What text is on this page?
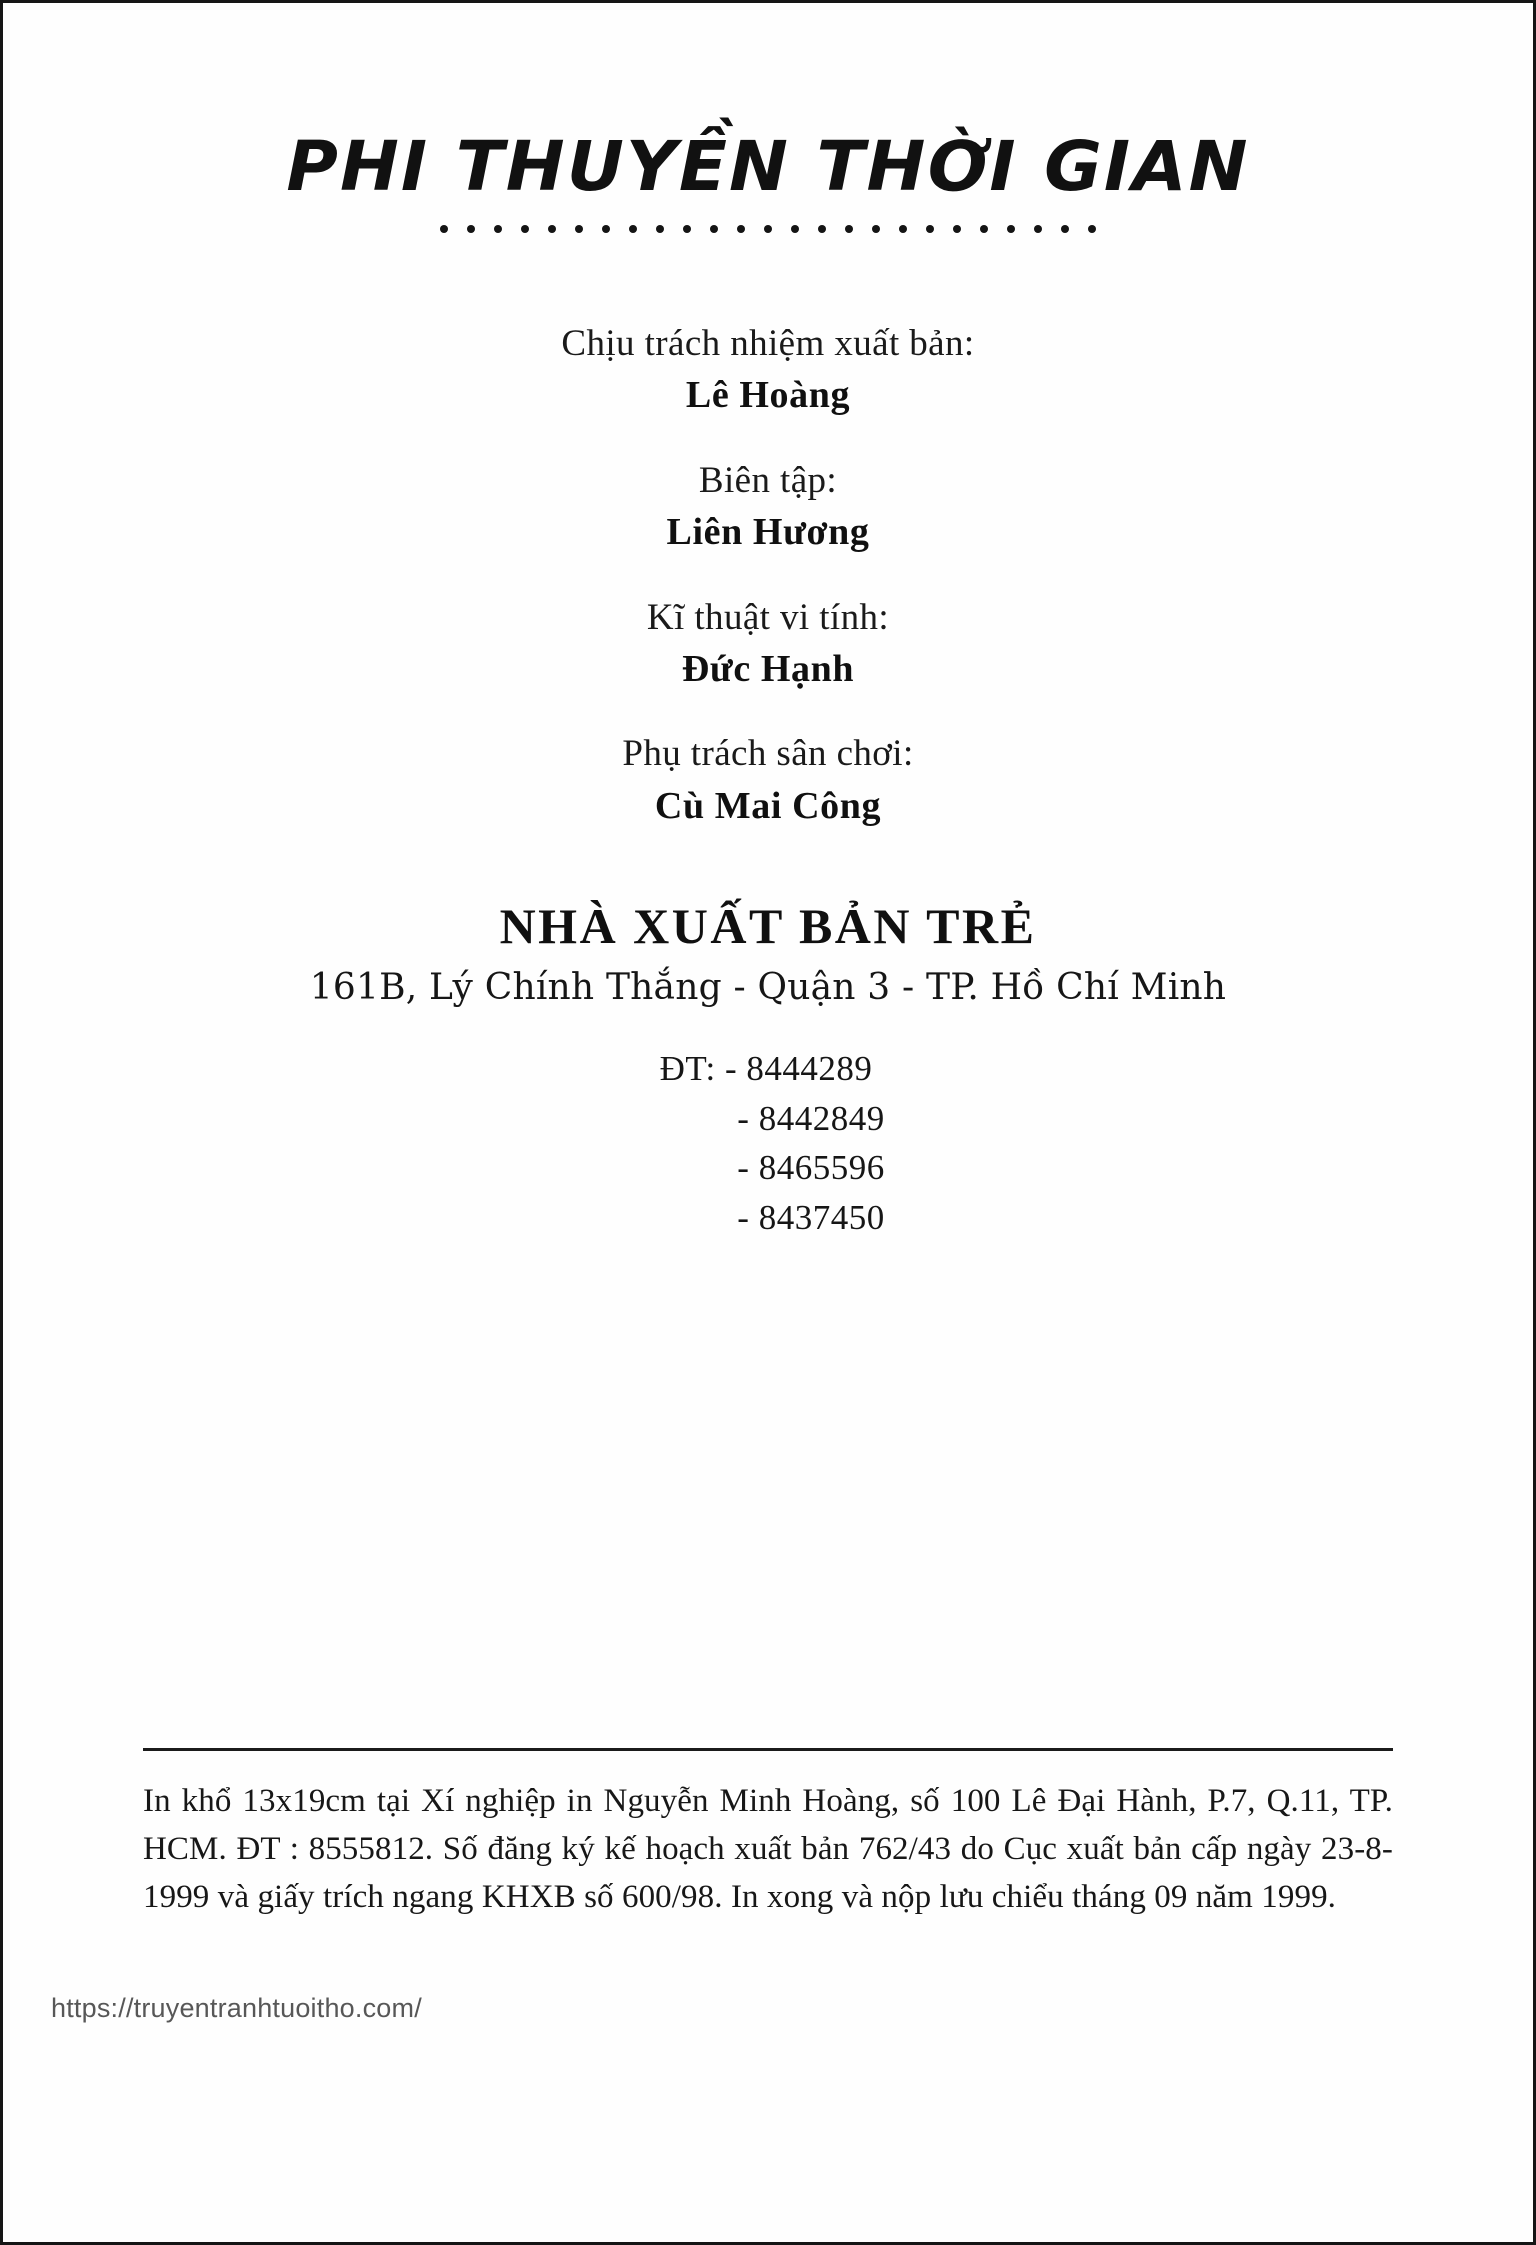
PHI THUYỀN THỜI GIAN
Chịu trách nhiệm xuất bản:
Lê Hoàng
Biên tập:
Liên Hương
Kĩ thuật vi tính:
Đức Hạnh
Phụ trách sân chơi:
Cù Mai Công
NHÀ XUẤT BẢN TRẺ
161B, Lý Chính Thắng - Quận 3 - TP. Hồ Chí Minh
ĐT: - 8444289
- 8442849
- 8465596
- 8437450

In khổ 13x19cm tại Xí nghiệp in Nguyễn Minh Hoàng, số 100 Lê Đại Hành, P.7, Q.11, TP. HCM. ĐT : 8555812. Số đăng ký kế hoạch xuất bản 762/43 do Cục xuất bản cấp ngày 23-8-1999 và giấy trích ngang KHXB số 600/98. In xong và nộp lưu chiểu tháng 09 năm 1999.

https://truyentranhtuoitho.com/
